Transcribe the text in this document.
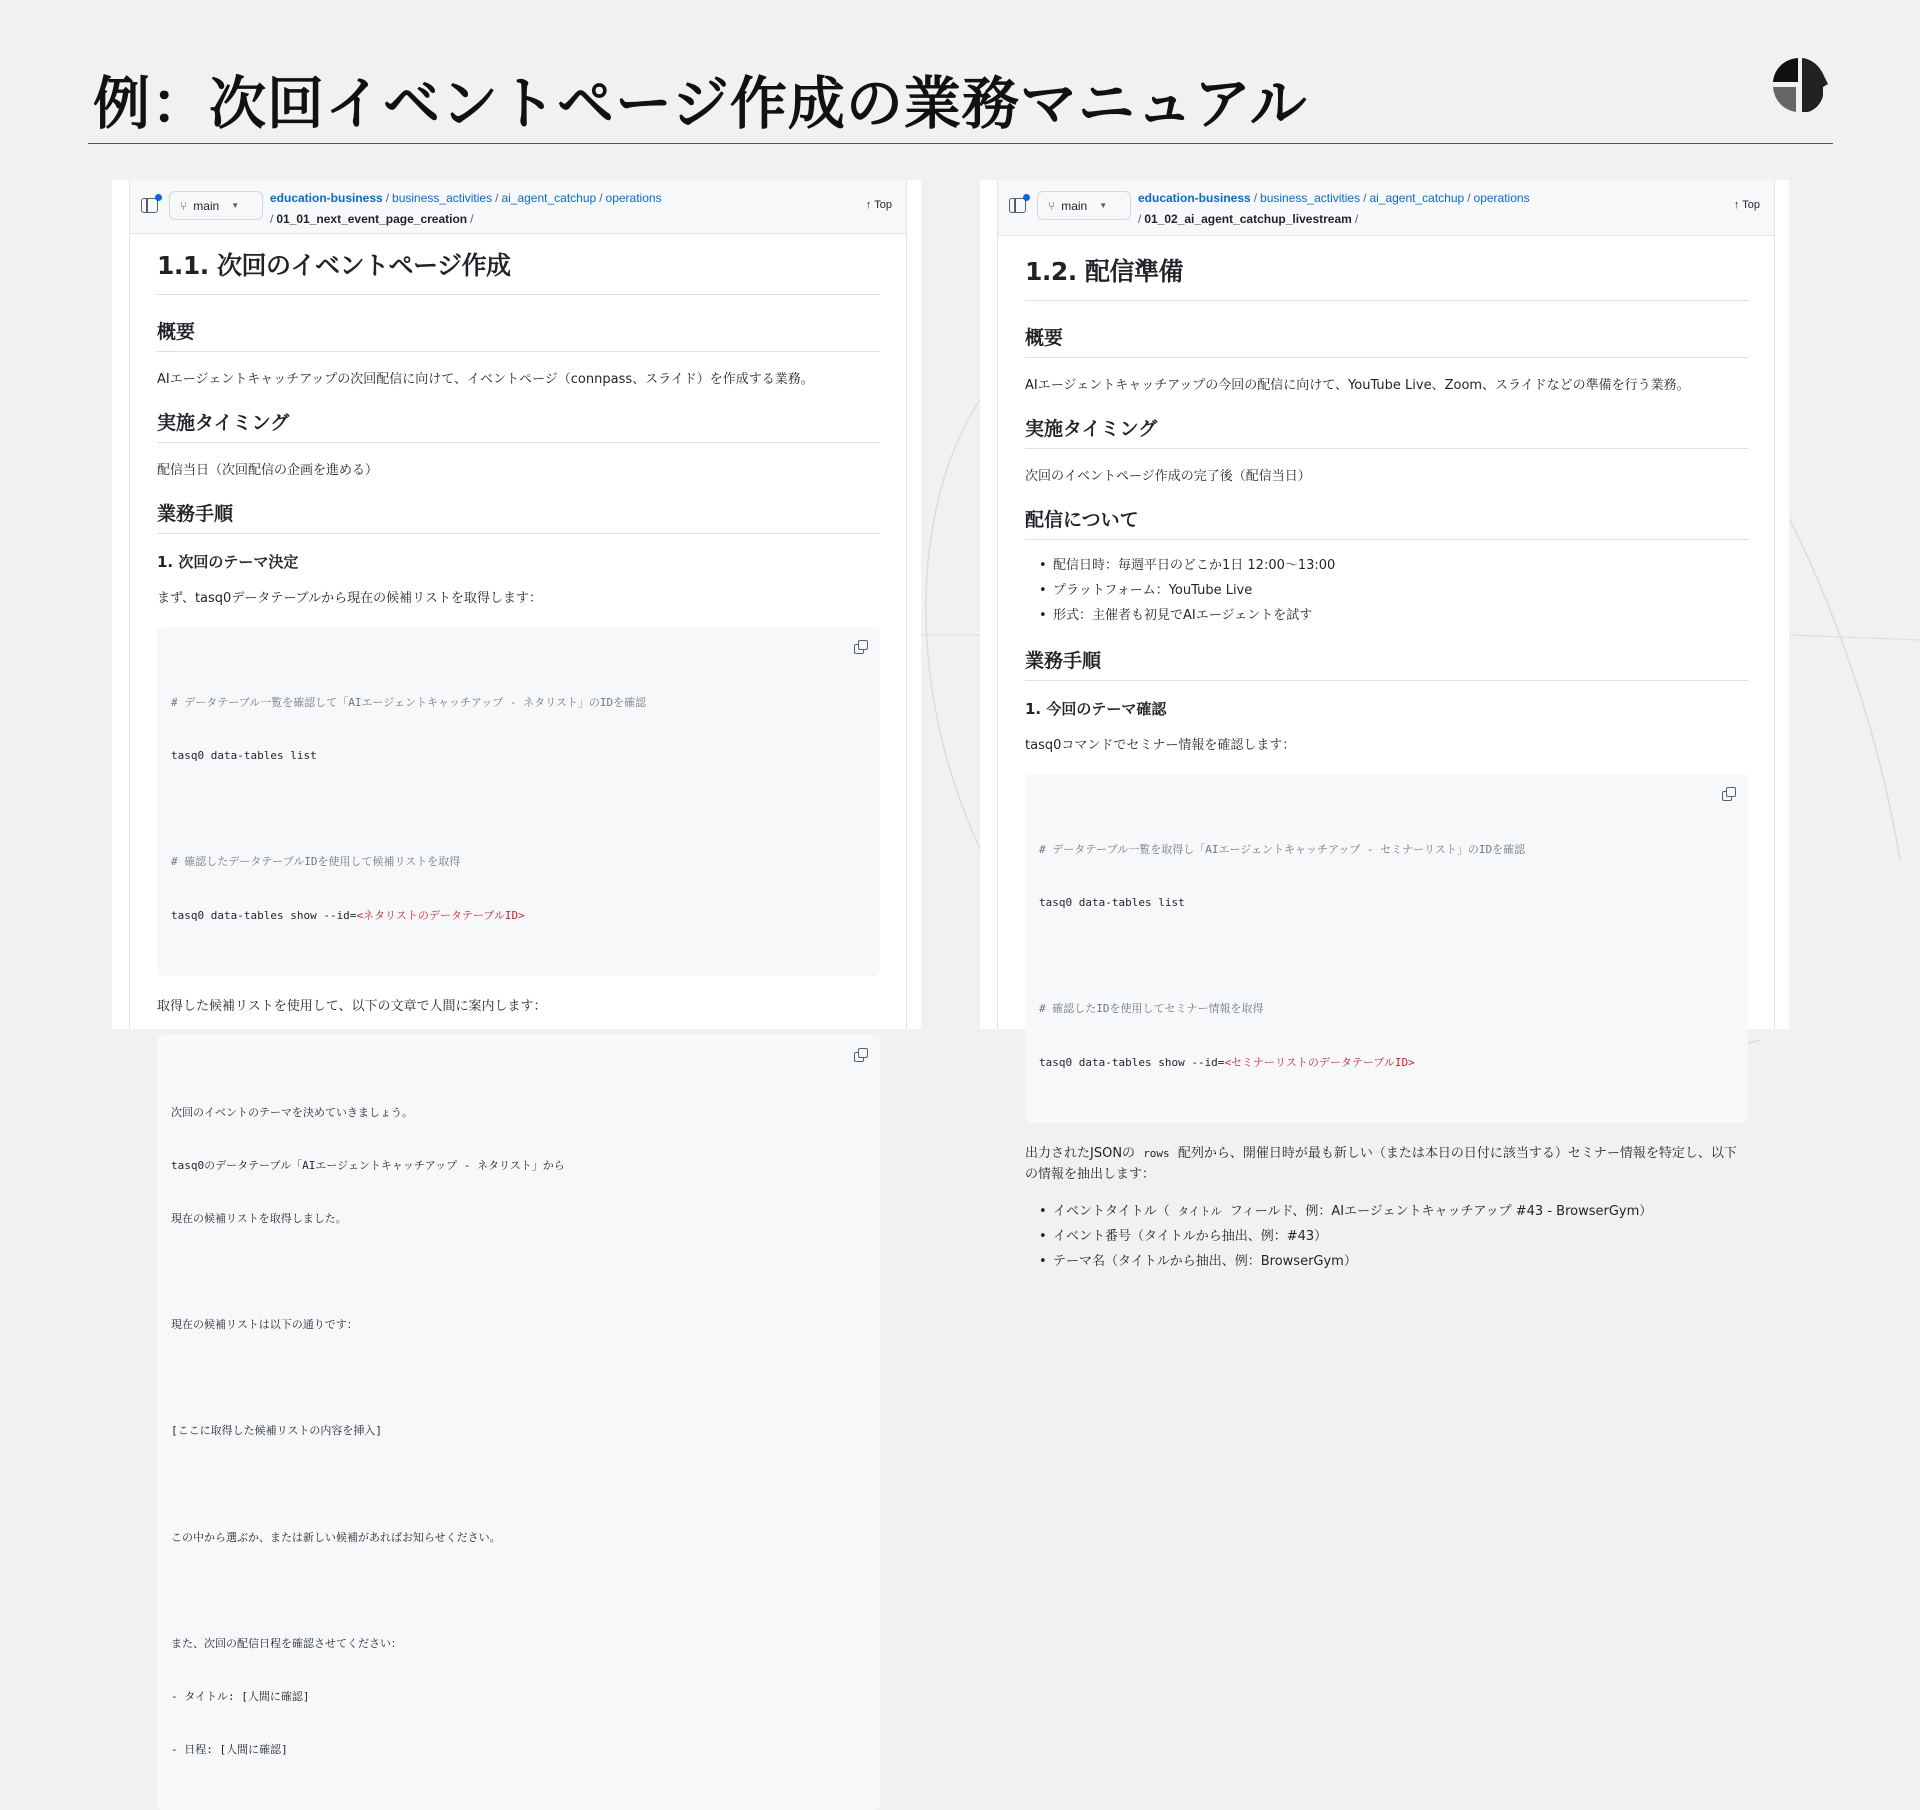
例：次回イベントページ作成の業務マニュアル
⑂ main ▼
education-business / business_activities / ai_agent_catchup / operations
/ 01_01_next_event_page_creation /
↑ Top
1.1. 次回のイベントページ作成
概要
AIエージェントキャッチアップの次回配信に向けて、イベントページ（connpass、スライド）を作成する業務。
実施タイミング
配信当日（次回配信の企画を進める）
業務手順
1. 次回のテーマ決定
まず、tasq0データテーブルから現在の候補リストを取得します：

# データテーブル一覧を確認して「AIエージェントキャッチアップ - ネタリスト」のIDを確認

tasq0 data-tables list

# 確認したデータテーブルIDを使用して候補リストを取得

tasq0 data-tables show --id=<ネタリストのデータテーブルID>

取得した候補リストを使用して、以下の文章で人間に案内します：

次回のイベントのテーマを決めていきましょう。

tasq0のデータテーブル「AIエージェントキャッチアップ - ネタリスト」から

現在の候補リストを取得しました。

現在の候補リストは以下の通りです：

[ここに取得した候補リストの内容を挿入]

この中から選ぶか、または新しい候補があればお知らせください。

また、次回の配信日程を確認させてください：

- タイトル: [人間に確認]

- 日程: [人間に確認]

⑂ main ▼
education-business / business_activities / ai_agent_catchup / operations
/ 01_02_ai_agent_catchup_livestream /
↑ Top
1.2. 配信準備
概要
AIエージェントキャッチアップの今回の配信に向けて、YouTube Live、Zoom、スライドなどの準備を行う業務。
実施タイミング
次回のイベントページ作成の完了後（配信当日）
配信について
• 配信日時：毎週平日のどこか1日 12:00〜13:00
• プラットフォーム：YouTube Live
• 形式：主催者も初見でAIエージェントを試す
業務手順
1. 今回のテーマ確認
tasq0コマンドでセミナー情報を確認します：

# データテーブル一覧を取得し「AIエージェントキャッチアップ - セミナーリスト」のIDを確認

tasq0 data-tables list

# 確認したIDを使用してセミナー情報を取得

tasq0 data-tables show --id=<セミナーリストのデータテーブルID>

出力されたJSONの rows 配列から、開催日時が最も新しい（または本日の日付に該当する）セミナー情報を特定し、以下の情報を抽出します：
• イベントタイトル（ タイトル フィールド、例：AIエージェントキャッチアップ #43 - BrowserGym）
• イベント番号（タイトルから抽出、例：#43）
• テーマ名（タイトルから抽出、例：BrowserGym）
